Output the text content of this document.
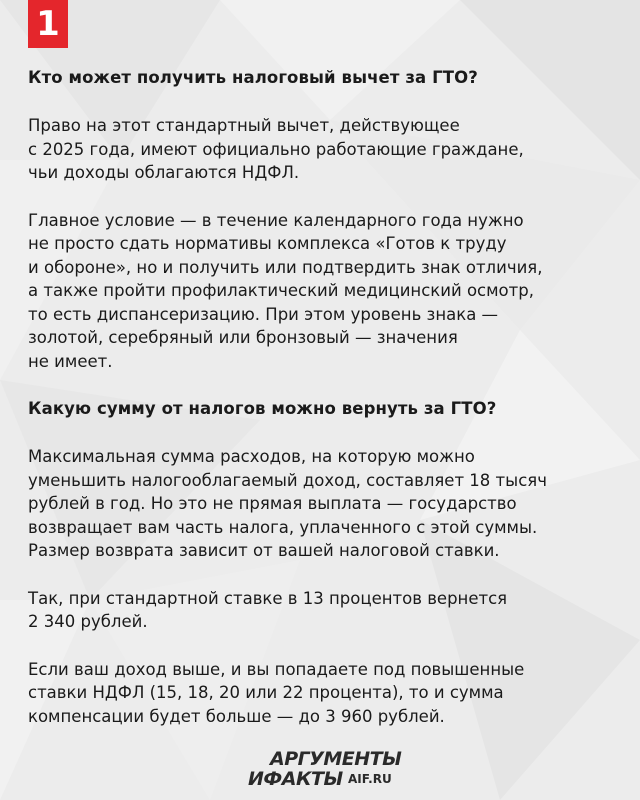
1
Кто может получить налоговый вычет за ГТО?

Право на этот стандартный вычет, действующее
с 2025 года, имеют официально работающие граждане,
чьи доходы облагаются НДФЛ.

Главное условие — в течение календарного года нужно
не просто сдать нормативы комплекса «Готов к труду
и обороне», но и получить или подтвердить знак отличия,
а также пройти профилактический медицинский осмотр,
то есть диспансеризацию. При этом уровень знака —
золотой, серебряный или бронзовый — значения
не имеет.

Какую сумму от налогов можно вернуть за ГТО?

Максимальная сумма расходов, на которую можно
уменьшить налогооблагаемый доход, составляет 18 тысяч
рублей в год. Но это не прямая выплата — государство
возвращает вам часть налога, уплаченного с этой суммы.
Размер возврата зависит от вашей налоговой ставки.

Так, при стандартной ставке в 13 процентов вернется
2 340 рублей.

Если ваш доход выше, и вы попадаете под повышенные
ставки НДФЛ (15, 18, 20 или 22 процента), то и сумма
компенсации будет больше — до 3 960 рублей.

АРГУМЕНТЫ
ИФАКТЫ AIF.RU
